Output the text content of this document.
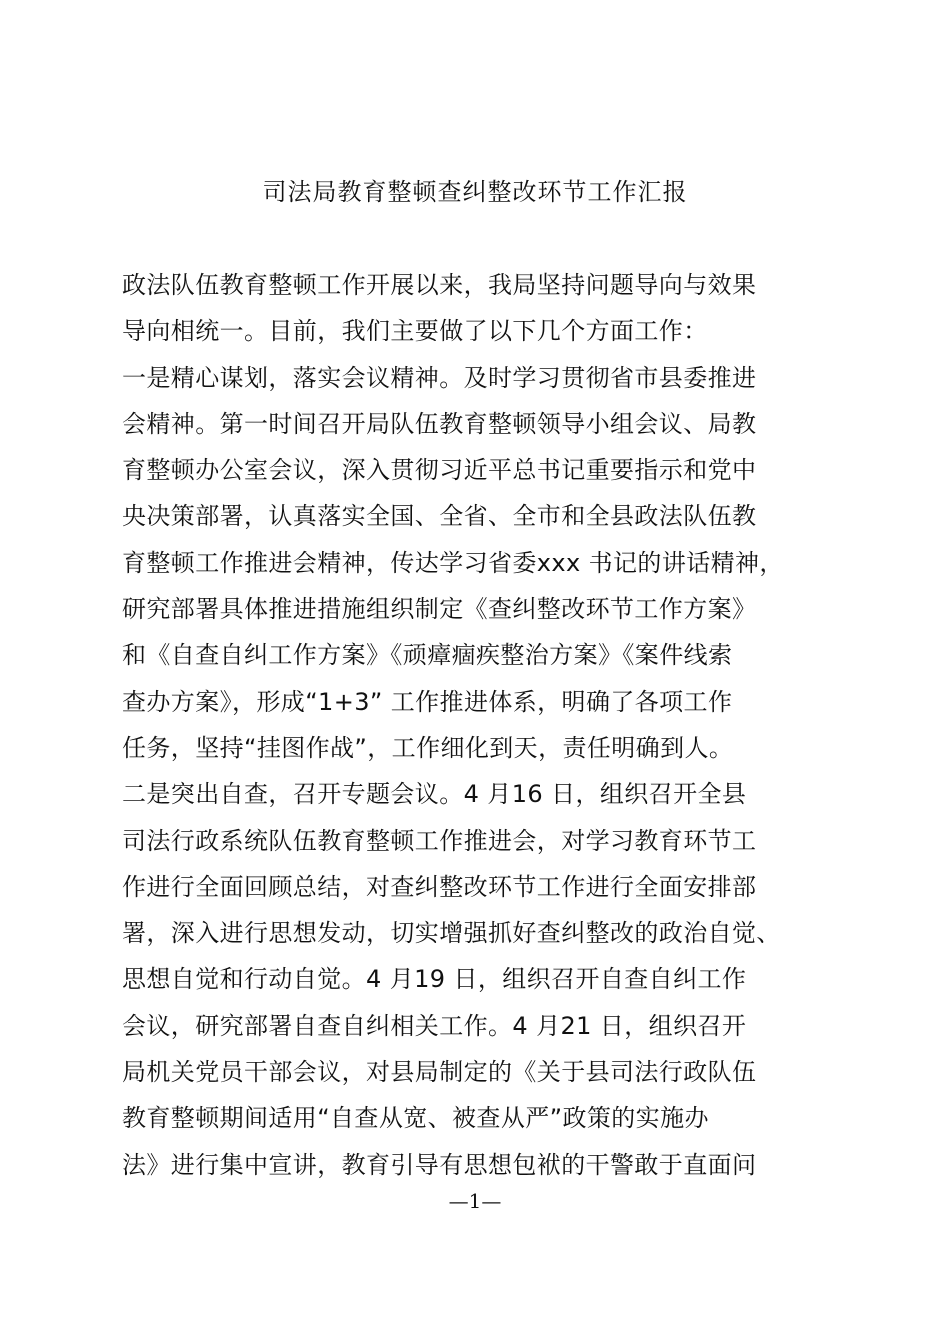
司法局教育整顿查纠整改环节工作汇报
政法队伍教育整顿工作开展以来，我局坚持问题导向与效果
导向相统一。目前，我们主要做了以下几个方面工作：
一是精心谋划，落实会议精神。及时学习贯彻省市县委推进
会精神。第一时间召开局队伍教育整顿领导小组会议、局教
育整顿办公室会议，深入贯彻习近平总书记重要指示和党中
央决策部署，认真落实全国、全省、全市和全县政法队伍教
育整顿工作推进会精神，传达学习省委xxx 书记的讲话精神，
研究部署具体推进措施组织制定《查纠整改环节工作方案》
和《自查自纠工作方案》《顽瘴痼疾整治方案》《案件线索
查办方案》，形成“1+3” 工作推进体系，明确了各项工作
任务，坚持“挂图作战”，工作细化到天，责任明确到人。
二是突出自查，召开专题会议。4 月16 日，组织召开全县
司法行政系统队伍教育整顿工作推进会，对学习教育环节工
作进行全面回顾总结，对查纠整改环节工作进行全面安排部
署，深入进行思想发动，切实增强抓好查纠整改的政治自觉、
思想自觉和行动自觉。4 月19 日，组织召开自查自纠工作
会议，研究部署自查自纠相关工作。4 月21 日，组织召开
局机关党员干部会议，对县局制定的《关于县司法行政队伍
教育整顿期间适用“自查从宽、被查从严”政策的实施办
法》进行集中宣讲，教育引导有思想包袱的干警敢于直面问
—1—
